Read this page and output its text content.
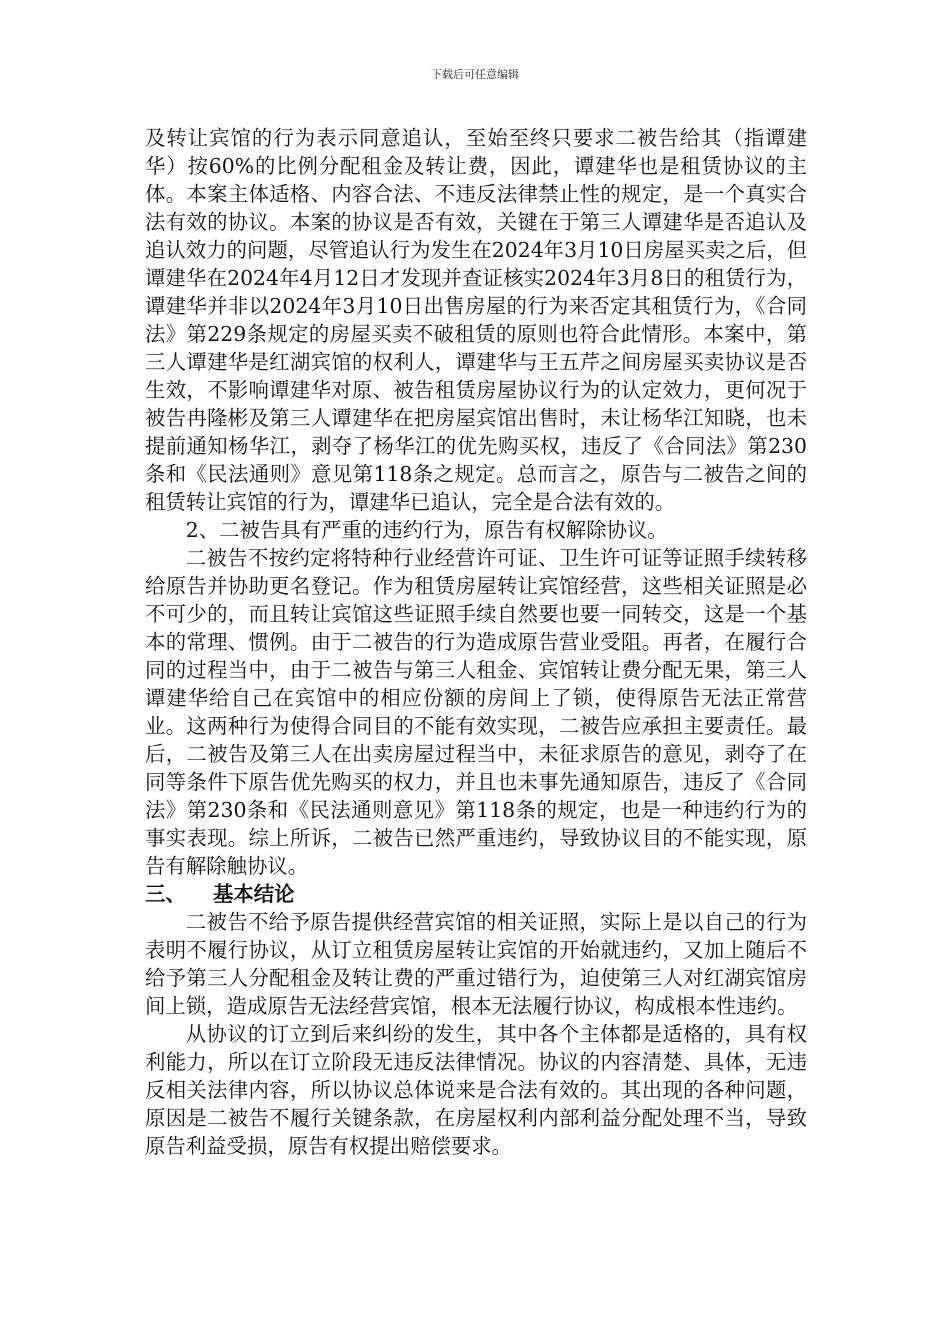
下载后可任意编辑

及转让宾馆的行为表示同意追认，至始至终只要求二被告给其（指谭建华）按60%的比例分配租金及转让费，因此，谭建华也是租赁协议的主体。本案主体适格、内容合法、不违反法律禁止性的规定，是一个真实合法有效的协议。本案的协议是否有效，关键在于第三人谭建华是否追认及追认效力的问题，尽管追认行为发生在2024年3月10日房屋买卖之后，但谭建华在2024年4月12日才发现并查证核实2024年3月8日的租赁行为，谭建华并非以2024年3月10日出售房屋的行为来否定其租赁行为，《合同法》第229条规定的房屋买卖不破租赁的原则也符合此情形。本案中，第三人谭建华是红湖宾馆的权利人，谭建华与王五芹之间房屋买卖协议是否生效，不影响谭建华对原、被告租赁房屋协议行为的认定效力，更何况于被告冉隆彬及第三人谭建华在把房屋宾馆出售时，未让杨华江知晓，也未提前通知杨华江，剥夺了杨华江的优先购买权，违反了《合同法》第230条和《民法通则》意见第118条之规定。总而言之，原告与二被告之间的租赁转让宾馆的行为，谭建华已追认，完全是合法有效的。

2、二被告具有严重的违约行为，原告有权解除协议。

二被告不按约定将特种行业经营许可证、卫生许可证等证照手续转移给原告并协助更名登记。作为租赁房屋转让宾馆经营，这些相关证照是必不可少的，而且转让宾馆这些证照手续自然要也要一同转交，这是一个基本的常理、惯例。由于二被告的行为造成原告营业受阻。再者，在履行合同的过程当中，由于二被告与第三人租金、宾馆转让费分配无果，第三人谭建华给自己在宾馆中的相应份额的房间上了锁，使得原告无法正常营业。这两种行为使得合同目的不能有效实现，二被告应承担主要责任。最后，二被告及第三人在出卖房屋过程当中，未征求原告的意见，剥夺了在同等条件下原告优先购买的权力，并且也未事先通知原告，违反了《合同法》第230条和《民法通则意见》第118条的规定，也是一种违约行为的事实表现。综上所诉，二被告已然严重违约，导致协议目的不能实现，原告有解除触协议。

三、 基本结论

二被告不给予原告提供经营宾馆的相关证照，实际上是以自己的行为表明不履行协议，从订立租赁房屋转让宾馆的开始就违约，又加上随后不给予第三人分配租金及转让费的严重过错行为，迫使第三人对红湖宾馆房间上锁，造成原告无法经营宾馆，根本无法履行协议，构成根本性违约。

从协议的订立到后来纠纷的发生，其中各个主体都是适格的，具有权利能力，所以在订立阶段无违反法律情况。协议的内容清楚、具体，无违反相关法律内容，所以协议总体说来是合法有效的。其出现的各种问题，原因是二被告不履行关键条款，在房屋权利内部利益分配处理不当，导致原告利益受损，原告有权提出赔偿要求。
